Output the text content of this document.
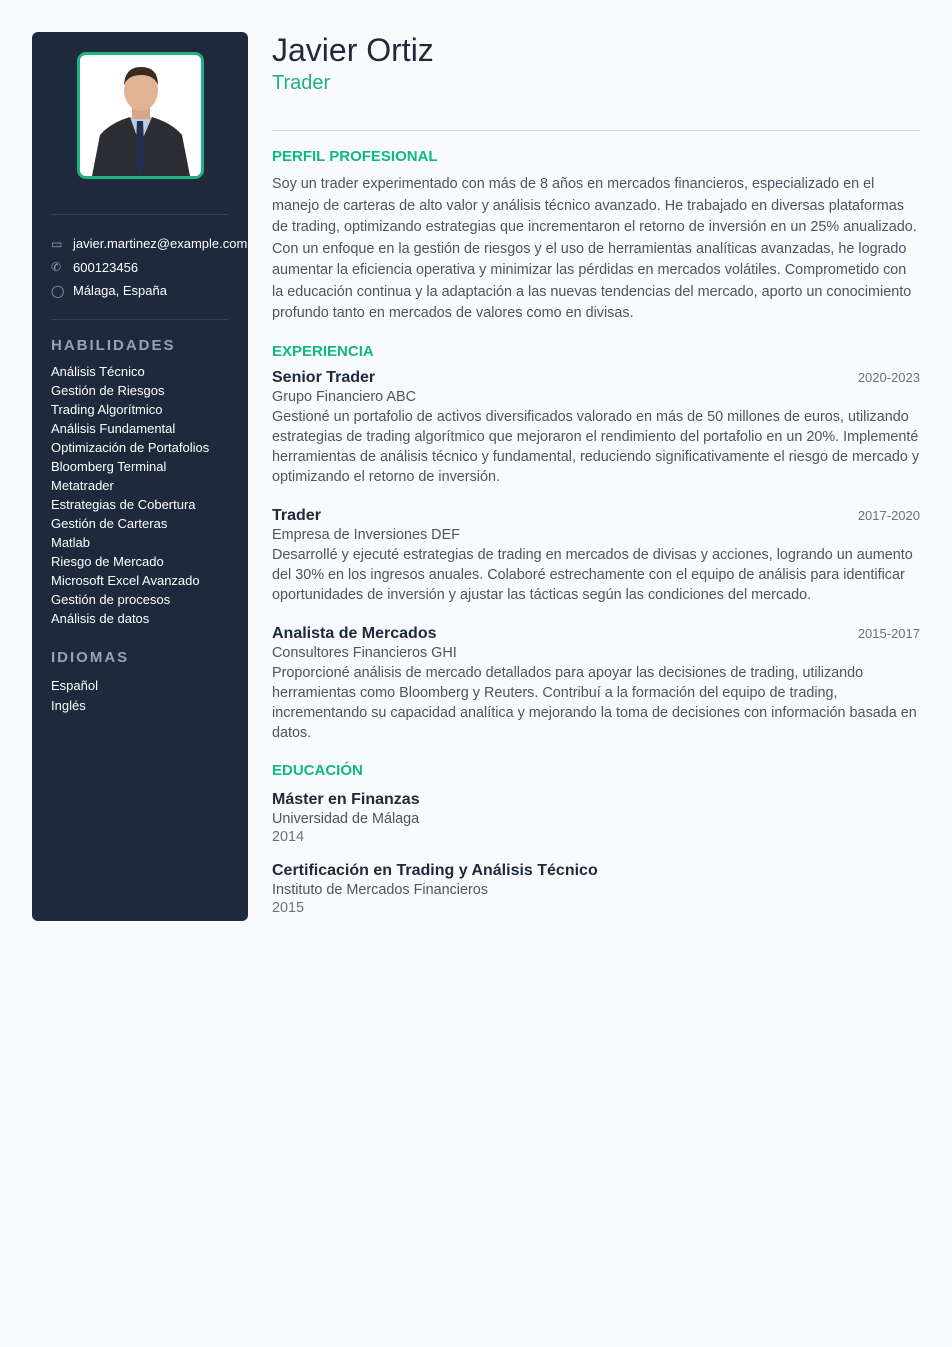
▭ javier.martinez@example.com
✆ 600123456
◯ Málaga, España
HABILIDADES
Análisis Técnico
Gestión de Riesgos
Trading Algorítmico
Análisis Fundamental
Optimización de Portafolios
Bloomberg Terminal
Metatrader
Estrategias de Cobertura
Gestión de Carteras
Matlab
Riesgo de Mercado
Microsoft Excel Avanzado
Gestión de procesos
Análisis de datos
IDIOMAS
Español
Inglés
Javier Ortiz
Trader
PERFIL PROFESIONAL
Soy un trader experimentado con más de 8 años en mercados financieros, especializado en el manejo de carteras de alto valor y análisis técnico avanzado. He trabajado en diversas plataformas de trading, optimizando estrategias que incrementaron el retorno de inversión en un 25% anualizado. Con un enfoque en la gestión de riesgos y el uso de herramientas analíticas avanzadas, he logrado aumentar la eficiencia operativa y minimizar las pérdidas en mercados volátiles. Comprometido con la educación continua y la adaptación a las nuevas tendencias del mercado, aporto un conocimiento profundo tanto en mercados de valores como en divisas.
EXPERIENCIA
Senior Trader	2020-2023
Grupo Financiero ABC
Gestioné un portafolio de activos diversificados valorado en más de 50 millones de euros, utilizando estrategias de trading algorítmico que mejoraron el rendimiento del portafolio en un 20%. Implementé herramientas de análisis técnico y fundamental, reduciendo significativamente el riesgo de mercado y optimizando el retorno de inversión.
Trader	2017-2020
Empresa de Inversiones DEF
Desarrollé y ejecuté estrategias de trading en mercados de divisas y acciones, logrando un aumento del 30% en los ingresos anuales. Colaboré estrechamente con el equipo de análisis para identificar oportunidades de inversión y ajustar las tácticas según las condiciones del mercado.
Analista de Mercados	2015-2017
Consultores Financieros GHI
Proporcioné análisis de mercado detallados para apoyar las decisiones de trading, utilizando herramientas como Bloomberg y Reuters. Contribuí a la formación del equipo de trading, incrementando su capacidad analítica y mejorando la toma de decisiones con información basada en datos.
EDUCACIÓN
Máster en Finanzas
Universidad de Málaga
2014
Certificación en Trading y Análisis Técnico
Instituto de Mercados Financieros
2015
